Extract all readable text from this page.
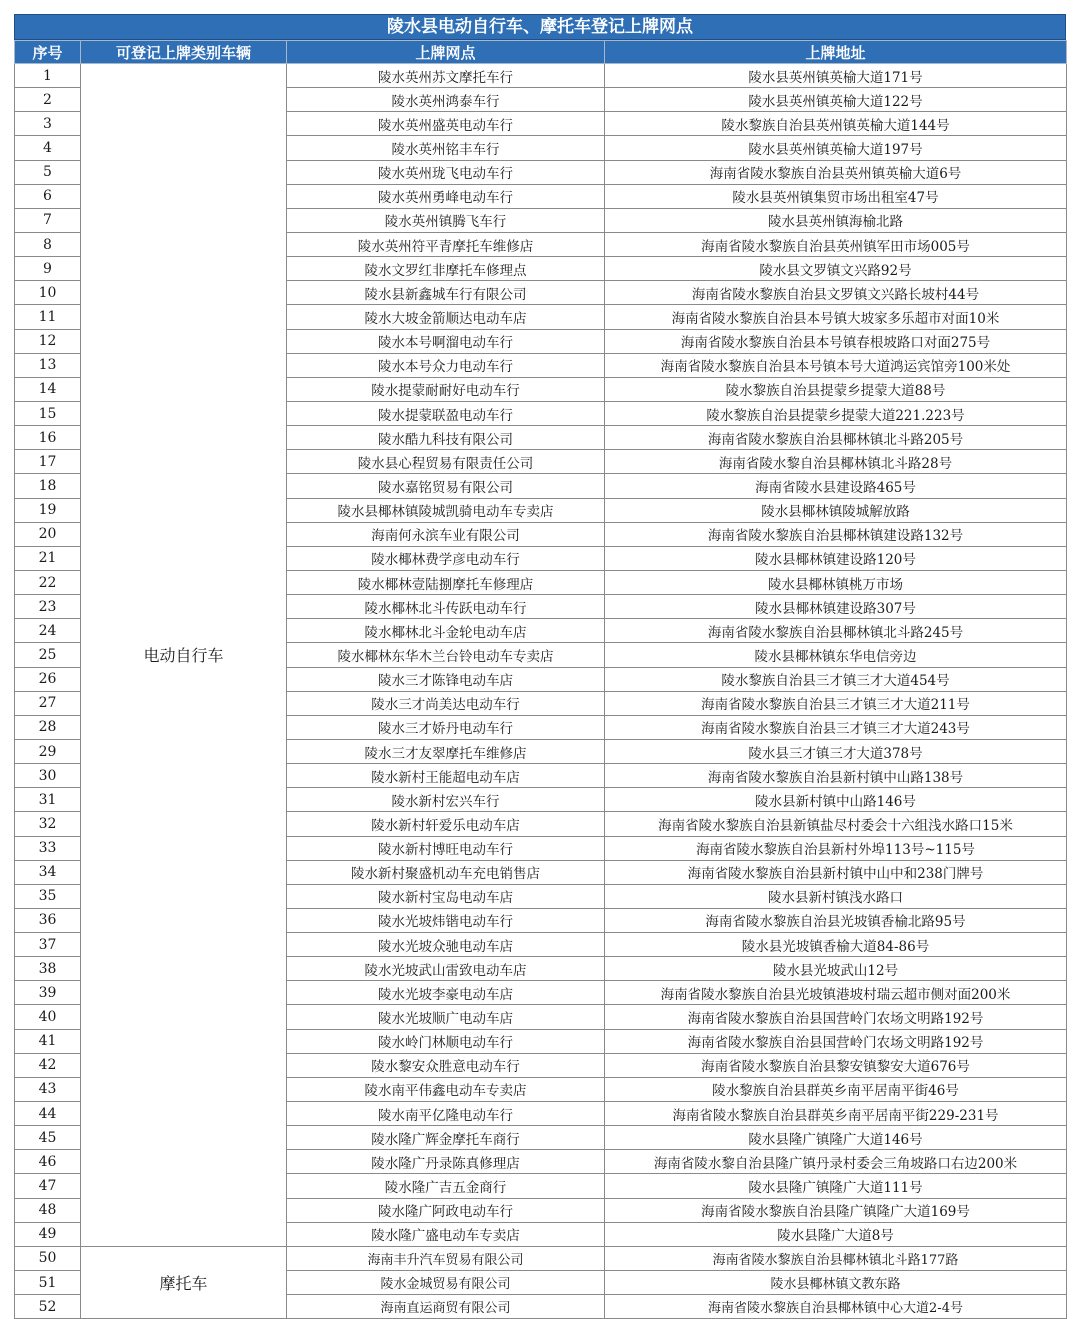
陵水县电动自行车、摩托车登记上牌网点
序号	可登记上牌类别车辆	上牌网点	上牌地址
1	电动自行车	陵水英州苏文摩托车行	陵水县英州镇英榆大道171号
2		陵水英州鸿泰车行	陵水县英州镇英榆大道122号
3		陵水英州盛英电动车行	陵水黎族自治县英州镇英榆大道144号
4		陵水英州铭丰车行	陵水县英州镇英榆大道197号
5		陵水英州珑飞电动车行	海南省陵水黎族自治县英州镇英榆大道6号
6		陵水英州勇峰电动车行	陵水县英州镇集贸市场出租室47号
7		陵水英州镇腾飞车行	陵水县英州镇海榆北路
8		陵水英州符平青摩托车维修店	海南省陵水黎族自治县英州镇军田市场005号
9		陵水文罗红非摩托车修理点	陵水县文罗镇文兴路92号
10		陵水县新鑫城车行有限公司	海南省陵水黎族自治县文罗镇文兴路长坡村44号
11		陵水大坡金箭顺达电动车店	海南省陵水黎族自治县本号镇大坡家多乐超市对面10米
12		陵水本号啊溜电动车行	海南省陵水黎族自治县本号镇春根坡路口对面275号
13		陵水本号众力电动车行	海南省陵水黎族自治县本号镇本号大道鸿运宾馆旁100米处
14		陵水提蒙耐耐好电动车行	陵水黎族自治县提蒙乡提蒙大道88号
15		陵水提蒙联盈电动车行	陵水黎族自治县提蒙乡提蒙大道221.223号
16		陵水酷九科技有限公司	海南省陵水黎族自治县椰林镇北斗路205号
17		陵水县心程贸易有限责任公司	海南省陵水黎自治县椰林镇北斗路28号
18		陵水嘉铭贸易有限公司	海南省陵水县建设路465号
19		陵水县椰林镇陵城凯骑电动车专卖店	陵水县椰林镇陵城解放路
20		海南何永滨车业有限公司	海南省陵水黎族自治县椰林镇建设路132号
21		陵水椰林费学彦电动车行	陵水县椰林镇建设路120号
22		陵水椰林壹陆捌摩托车修理店	陵水县椰林镇桃万市场
23		陵水椰林北斗传跃电动车行	陵水县椰林镇建设路307号
24		陵水椰林北斗金轮电动车店	海南省陵水黎族自治县椰林镇北斗路245号
25		陵水椰林东华木兰台铃电动车专卖店	陵水县椰林镇东华电信旁边
26		陵水三才陈锋电动车店	陵水黎族自治县三才镇三才大道454号
27		陵水三才尚美达电动车行	海南省陵水黎族自治县三才镇三才大道211号
28		陵水三才娇丹电动车行	海南省陵水黎族自治县三才镇三才大道243号
29		陵水三才友翠摩托车维修店	陵水县三才镇三才大道378号
30		陵水新村王能超电动车店	海南省陵水黎族自治县新村镇中山路138号
31		陵水新村宏兴车行	陵水县新村镇中山路146号
32		陵水新村轩爱乐电动车店	海南省陵水黎族自治县新镇盐尽村委会十六组浅水路口15米
33		陵水新村博旺电动车行	海南省陵水黎族自治县新村外埠113号~115号
34		陵水新村聚盛机动车充电销售店	海南省陵水黎族自治县新村镇中山中和238门牌号
35		陵水新村宝岛电动车店	陵水县新村镇浅水路口
36		陵水光坡炜锴电动车行	海南省陵水黎族自治县光坡镇香榆北路95号
37		陵水光坡众驰电动车店	陵水县光坡镇香榆大道84-86号
38		陵水光坡武山雷致电动车店	陵水县光坡武山12号
39		陵水光坡李豪电动车店	海南省陵水黎族自治县光坡镇港坡村瑞云超市侧对面200米
40		陵水光坡顺广电动车店	海南省陵水黎族自治县国营岭门农场文明路192号
41		陵水岭门林顺电动车行	海南省陵水黎族自治县国营岭门农场文明路192号
42		陵水黎安众胜意电动车行	海南省陵水黎族自治县黎安镇黎安大道676号
43		陵水南平伟鑫电动车专卖店	陵水黎族自治县群英乡南平居南平街46号
44		陵水南平亿隆电动车行	海南省陵水黎族自治县群英乡南平居南平街229-231号
45		陵水隆广辉金摩托车商行	陵水县隆广镇隆广大道146号
46		陵水隆广丹录陈真修理店	海南省陵水黎自治县隆广镇丹录村委会三角坡路口右边200米
47		陵水隆广吉五金商行	陵水县隆广镇隆广大道111号
48		陵水隆广阿政电动车行	海南省陵水黎族自治县隆广镇隆广大道169号
49		陵水隆广盛电动车专卖店	陵水县隆广大道8号
50	摩托车	海南丰升汽车贸易有限公司	海南省陵水黎族自治县椰林镇北斗路177路
51		陵水金城贸易有限公司	陵水县椰林镇文教东路
52		海南直运商贸有限公司	海南省陵水黎族自治县椰林镇中心大道2-4号
